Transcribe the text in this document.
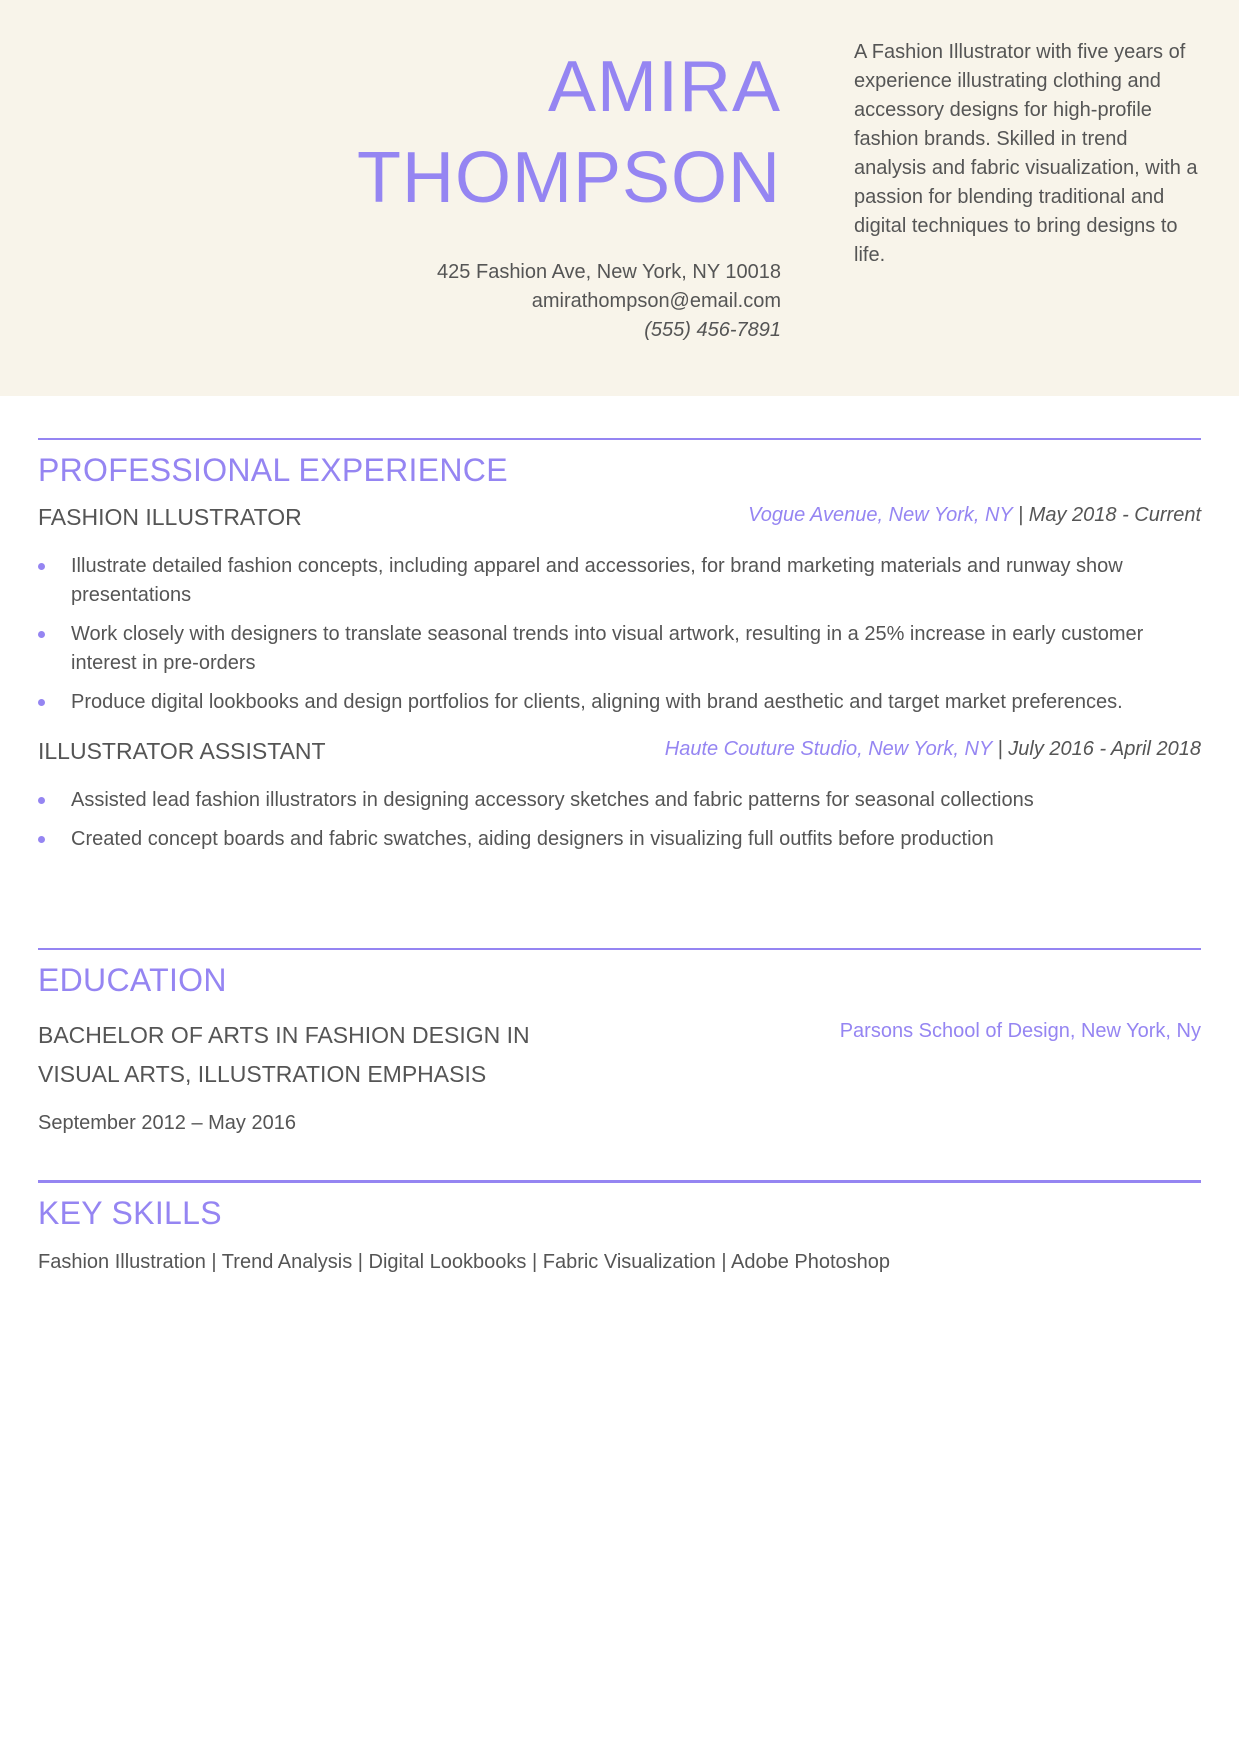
AMIRA
THOMPSON
425 Fashion Ave, New York, NY 10018
amirathompson@email.com
(555) 456-7891
A Fashion Illustrator with five years of experience illustrating clothing and accessory designs for high-profile fashion brands. Skilled in trend analysis and fabric visualization, with a passion for blending traditional and digital techniques to bring designs to life.
PROFESSIONAL EXPERIENCE
FASHION ILLUSTRATOR	Vogue Avenue, New York, NY | May 2018 - Current
Illustrate detailed fashion concepts, including apparel and accessories, for brand marketing materials and runway show presentations
Work closely with designers to translate seasonal trends into visual artwork, resulting in a 25% increase in early customer interest in pre-orders
Produce digital lookbooks and design portfolios for clients, aligning with brand aesthetic and target market preferences.
ILLUSTRATOR ASSISTANT	Haute Couture Studio, New York, NY | July 2016 - April 2018
Assisted lead fashion illustrators in designing accessory sketches and fabric patterns for seasonal collections
Created concept boards and fabric swatches, aiding designers in visualizing full outfits before production
EDUCATION
BACHELOR OF ARTS IN FASHION DESIGN IN VISUAL ARTS, ILLUSTRATION EMPHASIS
Parsons School of Design, New York, Ny
September 2012 – May 2016
KEY SKILLS
Fashion Illustration | Trend Analysis | Digital Lookbooks | Fabric Visualization | Adobe Photoshop
